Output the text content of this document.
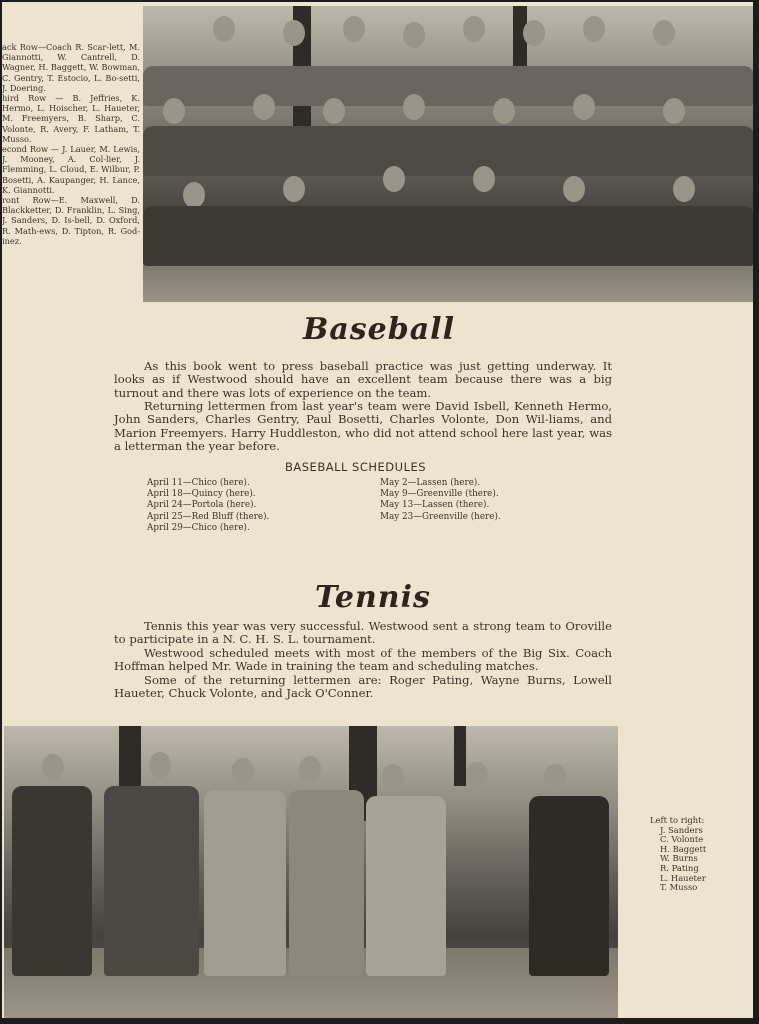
ack Row—Coach R. Scar-lett, M. Giannotti, W. Cantrell, D. Wagner, H. Baggett, W. Bowman, C. Gentry, T. Estocio, L. Bo-setti, J. Doering.

hird Row — B. Jeffries, K. Hermo, L. Hoischer, L. Haueter, M. Freemyers, B. Sharp, C. Volonte, R. Avery, F. Latham, T. Musso.

econd Row — J. Lauer, M. Lewis, J. Mooney, A. Col-lier, J. Flemming, L. Cloud, E. Wilbur, P. Bosetti, A. Kaupanger, H. Lance, K. Giannotti.

ront Row—E. Maxwell, D. Blackketter, D. Franklin, L. Sing, J. Sanders, D. Is-bell, D. Oxford, R. Math-ews, D. Tipton, R. God-inez.

Baseball

As this book went to press baseball practice was just getting underway. It looks as if Westwood should have an excellent team because there was a big turnout and there was lots of experience on the team.

Returning lettermen from last year's team were David Isbell, Kenneth Hermo, John Sanders, Charles Gentry, Paul Bosetti, Charles Volonte, Don Wil-liams, and Marion Freemyers. Harry Huddleston, who did not attend school here last year, was a letterman the year before.

BASEBALL SCHEDULES
April 11—Chico (here).
April 18—Quincy (here).
April 24—Portola (here).
April 25—Red Bluff (there).
April 29—Chico (here).
May 2—Lassen (here).
May 9—Greenville (there).
May 13—Lassen (there).
May 23—Greenville (here).
Tennis

Tennis this year was very successful. Westwood sent a strong team to Oroville to participate in a N. C. H. S. L. tournament.

Westwood scheduled meets with most of the members of the Big Six. Coach Hoffman helped Mr. Wade in training the team and scheduling matches.

Some of the returning lettermen are: Roger Pating, Wayne Burns, Lowell Haueter, Chuck Volonte, and Jack O'Conner.

Left to right:
J. Sanders
C. Volonte
H. Baggett
W. Burns
R. Pating
L. Haueter
T. Musso
